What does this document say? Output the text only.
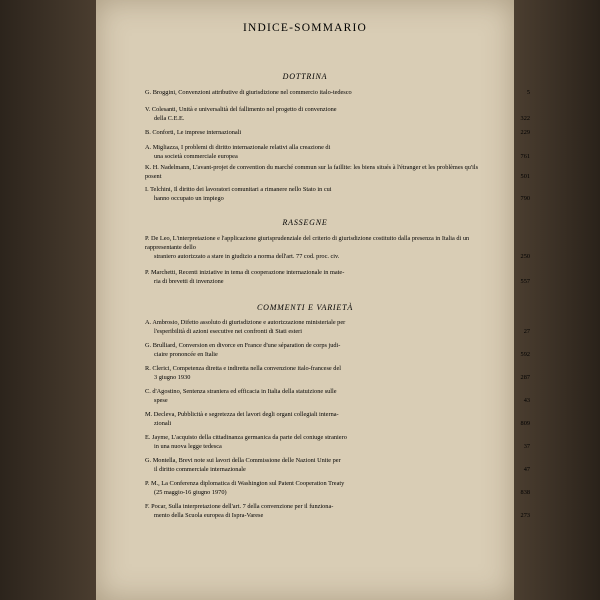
INDICE-SOMMARIO
DOTTRINA
G. Broggini, Convenzioni attributive di giurisdizione nel commercio italo-tedesco	5
V. Colesanti, Unità e universalità del fallimento nel progetto di convenzione
della C.E.E.	322
B. Conforti, Le imprese internazionali	229
A. Migliazza, I problemi di diritto internazionale relativi alla creazione di
una società commerciale europea	761
K. H. Nadelmann, L'avant-projet de convention du marché commun sur la faillite: les biens situés à l'étranger et les problèmes qu'ils posent	501
I. Telchini, Il diritto dei lavoratori comunitari a rimanere nello Stato in cui
hanno occupato un impiego	790
RASSEGNE
P. De Leo, L'interpretazione e l'applicazione giurisprudenziale del criterio di giurisdizione costituito dalla presenza in Italia di un rappresentante dello
straniero autorizzato a stare in giudizio a norma dell'art. 77 cod. proc. civ.	250
P. Marchetti, Recenti iniziative in tema di cooperazione internazionale in mate-
ria di brevetti di invenzione	557
COMMENTI E VARIETÀ
A. Ambrosio, Difetto assoluto di giurisdizione e autorizzazione ministeriale per
l'esperibilità di azioni esecutive nei confronti di Stati esteri	27
G. Brulliard, Conversion en divorce en France d'une séparation de corps judi-
ciaire prononcée en Italie	592
R. Clerici, Competenza diretta e indiretta nella convenzione italo-francese del
3 giugno 1930	287
C. d'Agostino, Sentenza straniera ed efficacia in Italia della statuizione sulle
spese	43
M. Decleva, Pubblicità e segretezza dei lavori degli organi collegiali interna-
zionali	809
E. Jayme, L'acquisto della cittadinanza germanica da parte del coniuge straniero
in una nuova legge tedesca	37
G. Montella, Brevi note sui lavori della Commissione delle Nazioni Unite per
il diritto commerciale internazionale	47
P. M., La Conferenza diplomatica di Washington sul Patent Cooperation Treaty
(25 maggio-16 giugno 1970)	838
F. Pocar, Sulla interpretazione dell'art. 7 della convenzione per il funziona-
mento della Scuola europea di Ispra-Varese	273
